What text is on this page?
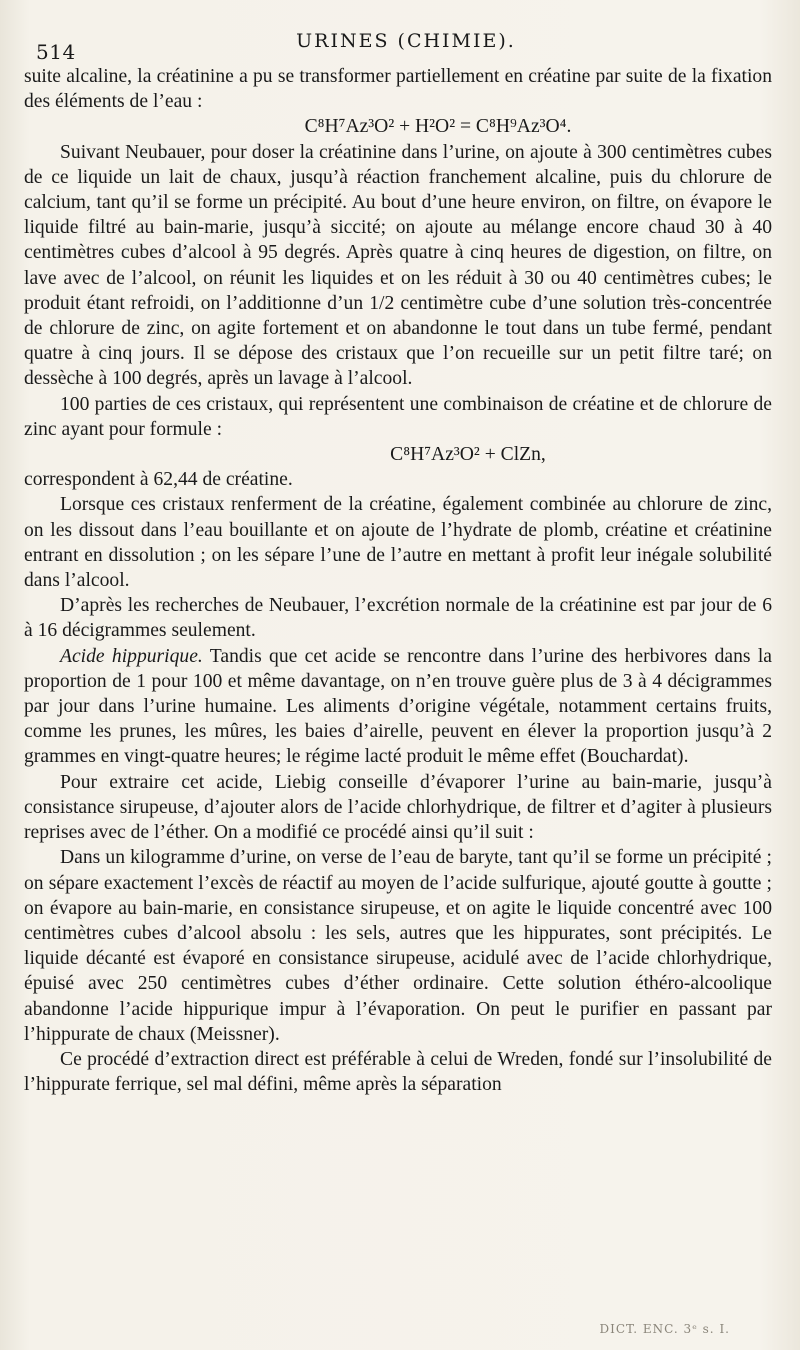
514	URINES (CHIMIE).

suite alcaline, la créatinine a pu se transformer partiellement en créatine par suite de la fixation des éléments de l’eau :

C⁸H⁷Az³O² + H²O² = C⁸H⁹Az³O⁴.

Suivant Neubauer, pour doser la créatinine dans l’urine, on ajoute à 300 centimètres cubes de ce liquide un lait de chaux, jusqu’à réaction franchement alcaline, puis du chlorure de calcium, tant qu’il se forme un précipité. Au bout d’une heure environ, on filtre, on évapore le liquide filtré au bain-marie, jusqu’à siccité; on ajoute au mélange encore chaud 30 à 40 centimètres cubes d’alcool à 95 degrés. Après quatre à cinq heures de digestion, on filtre, on lave avec de l’alcool, on réunit les liquides et on les réduit à 30 ou 40 centimètres cubes; le produit étant refroidi, on l’additionne d’un 1/2 centimètre cube d’une solution très-concentrée de chlorure de zinc, on agite fortement et on abandonne le tout dans un tube fermé, pendant quatre à cinq jours. Il se dépose des cristaux que l’on recueille sur un petit filtre taré; on dessèche à 100 degrés, après un lavage à l’alcool.

100 parties de ces cristaux, qui représentent une combinaison de créatine et de chlorure de zinc ayant pour formule :

C⁸H⁷Az³O² + ClZn,

correspondent à 62,44 de créatine.

Lorsque ces cristaux renferment de la créatine, également combinée au chlorure de zinc, on les dissout dans l’eau bouillante et on ajoute de l’hydrate de plomb, créatine et créatinine entrant en dissolution ; on les sépare l’une de l’autre en mettant à profit leur inégale solubilité dans l’alcool.

D’après les recherches de Neubauer, l’excrétion normale de la créatinine est par jour de 6 à 16 décigrammes seulement.

Acide hippurique. Tandis que cet acide se rencontre dans l’urine des herbivores dans la proportion de 1 pour 100 et même davantage, on n’en trouve guère plus de 3 à 4 décigrammes par jour dans l’urine humaine. Les aliments d’origine végétale, notamment certains fruits, comme les prunes, les mûres, les baies d’airelle, peuvent en élever la proportion jusqu’à 2 grammes en vingt-quatre heures; le régime lacté produit le même effet (Bouchardat).

Pour extraire cet acide, Liebig conseille d’évaporer l’urine au bain-marie, jusqu’à consistance sirupeuse, d’ajouter alors de l’acide chlorhydrique, de filtrer et d’agiter à plusieurs reprises avec de l’éther. On a modifié ce procédé ainsi qu’il suit :

Dans un kilogramme d’urine, on verse de l’eau de baryte, tant qu’il se forme un précipité ; on sépare exactement l’excès de réactif au moyen de l’acide sulfurique, ajouté goutte à goutte ; on évapore au bain-marie, en consistance sirupeuse, et on agite le liquide concentré avec 100 centimètres cubes d’alcool absolu : les sels, autres que les hippurates, sont précipités. Le liquide décanté est évaporé en consistance sirupeuse, acidulé avec de l’acide chlorhydrique, épuisé avec 250 centimètres cubes d’éther ordinaire. Cette solution éthéro-alcoolique abandonne l’acide hippurique impur à l’évaporation. On peut le purifier en passant par l’hippurate de chaux (Meissner).

Ce procédé d’extraction direct est préférable à celui de Wreden, fondé sur l’insolubilité de l’hippurate ferrique, sel mal défini, même après la séparation

DICT. ENC. 3ᵉ s. I.
